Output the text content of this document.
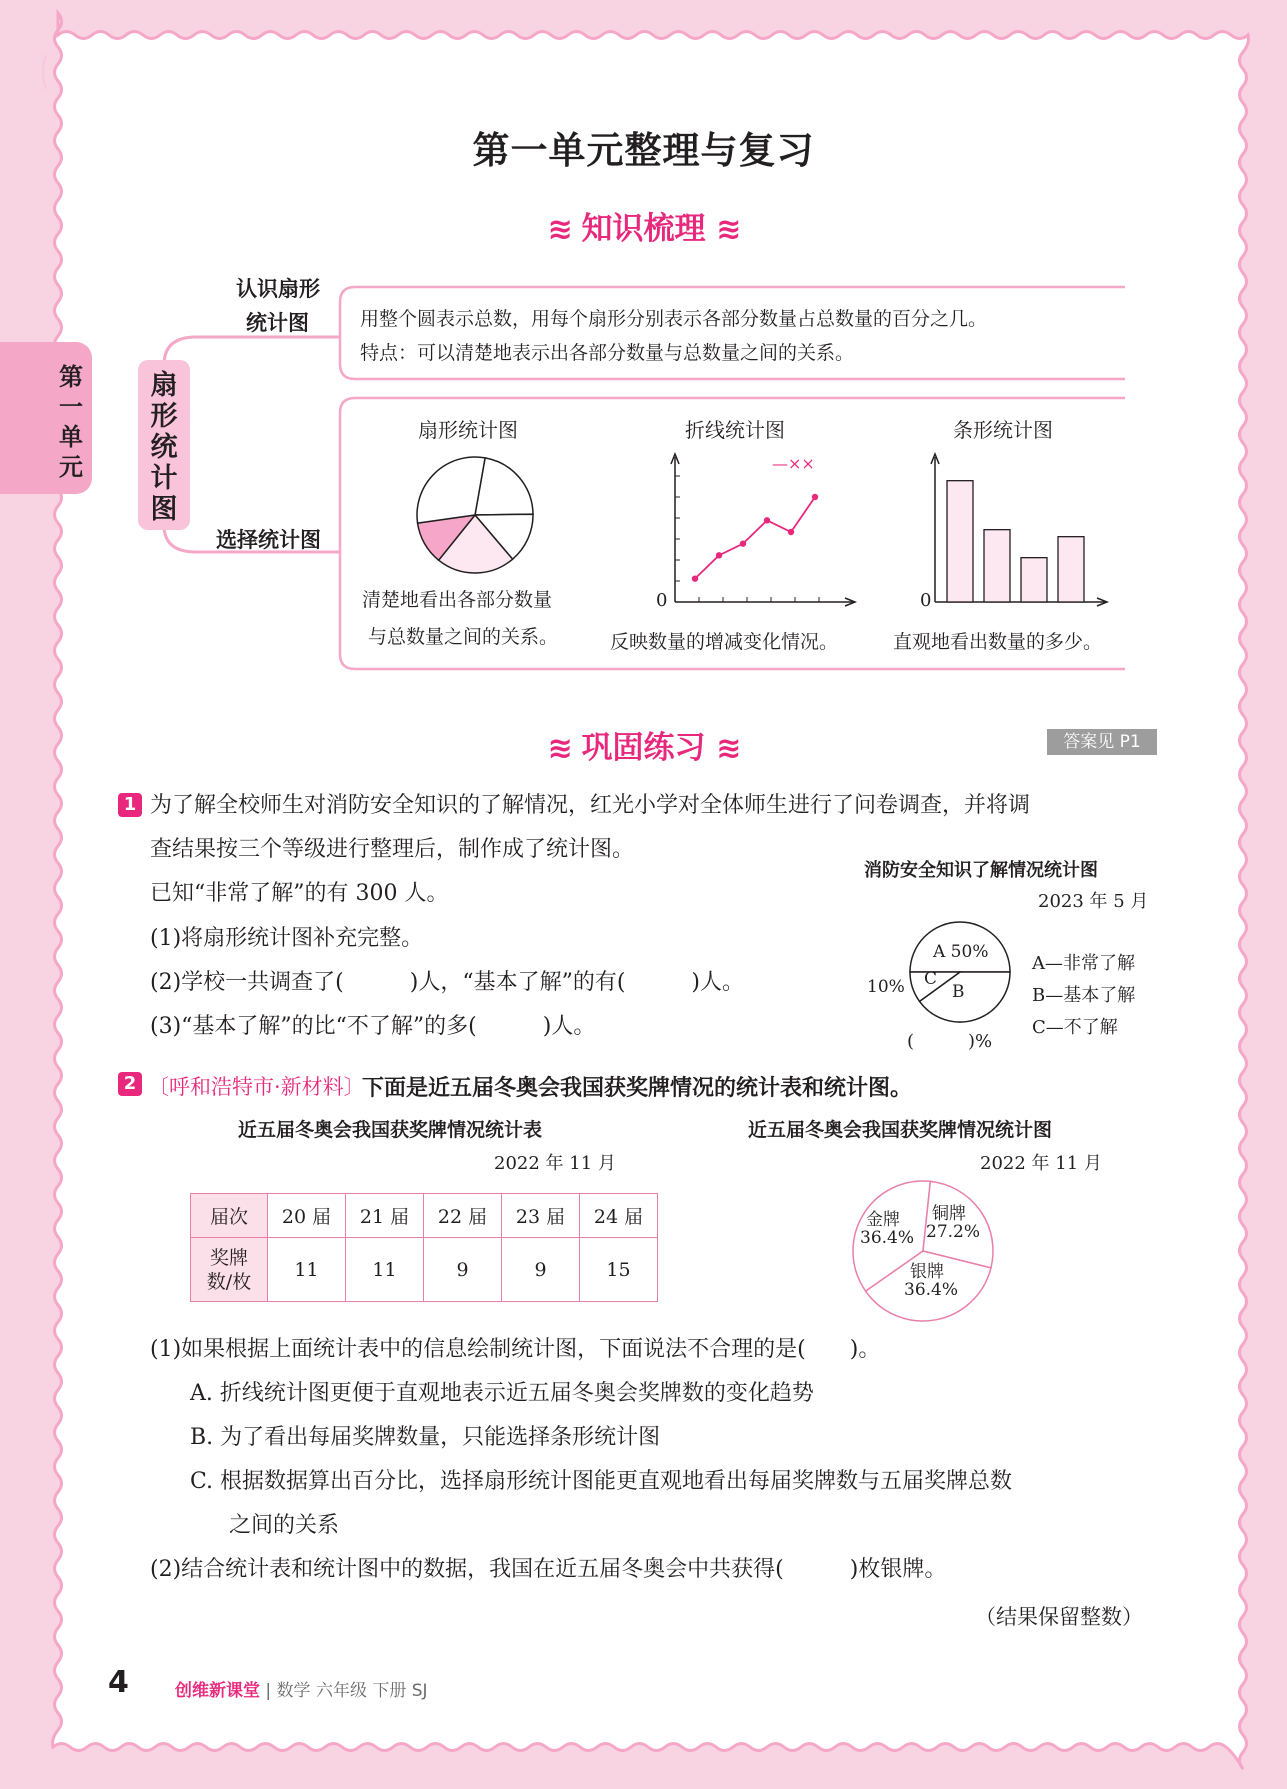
第
一
单
元
第一单元整理与复习
≋ 知识梳理 ≋
扇
形
统
计
图
认识扇形
统计图
选择统计图
用整个圆表示总数，用每个扇形分别表示各部分数量占总数量的百分之几。
特点：可以清楚地表示出各部分数量与总数量之间的关系。
扇形统计图	折线统计图	条形统计图
0
—××
0
清楚地看出各部分数量
与总数量之间的关系。	反映数量的增减变化情况。	直观地看出数量的多少。
≋ 巩固练习 ≋	答案见 P1
1 为了解全校师生对消防安全知识的了解情况，红光小学对全体师生进行了问卷调查，并将调
查结果按三个等级进行整理后，制作成了统计图。
已知“非常了解”的有 300 人。
(1)将扇形统计图补充完整。
(2)学校一共调查了(　　　)人，“基本了解”的有(　　　)人。
(3)“基本了解”的比“不了解”的多(　　　)人。
消防安全知识了解情况统计图
2023 年 5 月
A 50%
B
C
10%
(　　　)%
A—非常了解
B—基本了解
C—不了解
2 〔呼和浩特市·新材料〕
下面是近五届冬奥会我国获奖牌情况的统计表和统计图。
近五届冬奥会我国获奖牌情况统计表
2022 年 11 月
届次	20 届	21 届	22 届	23 届	24 届

奖牌
数/枚	11	11	9	9	15
近五届冬奥会我国获奖牌情况统计图
2022 年 11 月
金牌
36.4%
铜牌
27.2%
银牌
36.4%
(1)如果根据上面统计表中的信息绘制统计图，下面说法不合理的是(　　)。
A. 折线统计图更便于直观地表示近五届冬奥会奖牌数的变化趋势
B. 为了看出每届奖牌数量，只能选择条形统计图
C. 根据数据算出百分比，选择扇形统计图能更直观地看出每届奖牌数与五届奖牌总数
之间的关系
(2)结合统计表和统计图中的数据，我国在近五届冬奥会中共获得(　　　)枚银牌。
（结果保留整数）
4	创维新课堂 | 数学 六年级 下册 SJ
